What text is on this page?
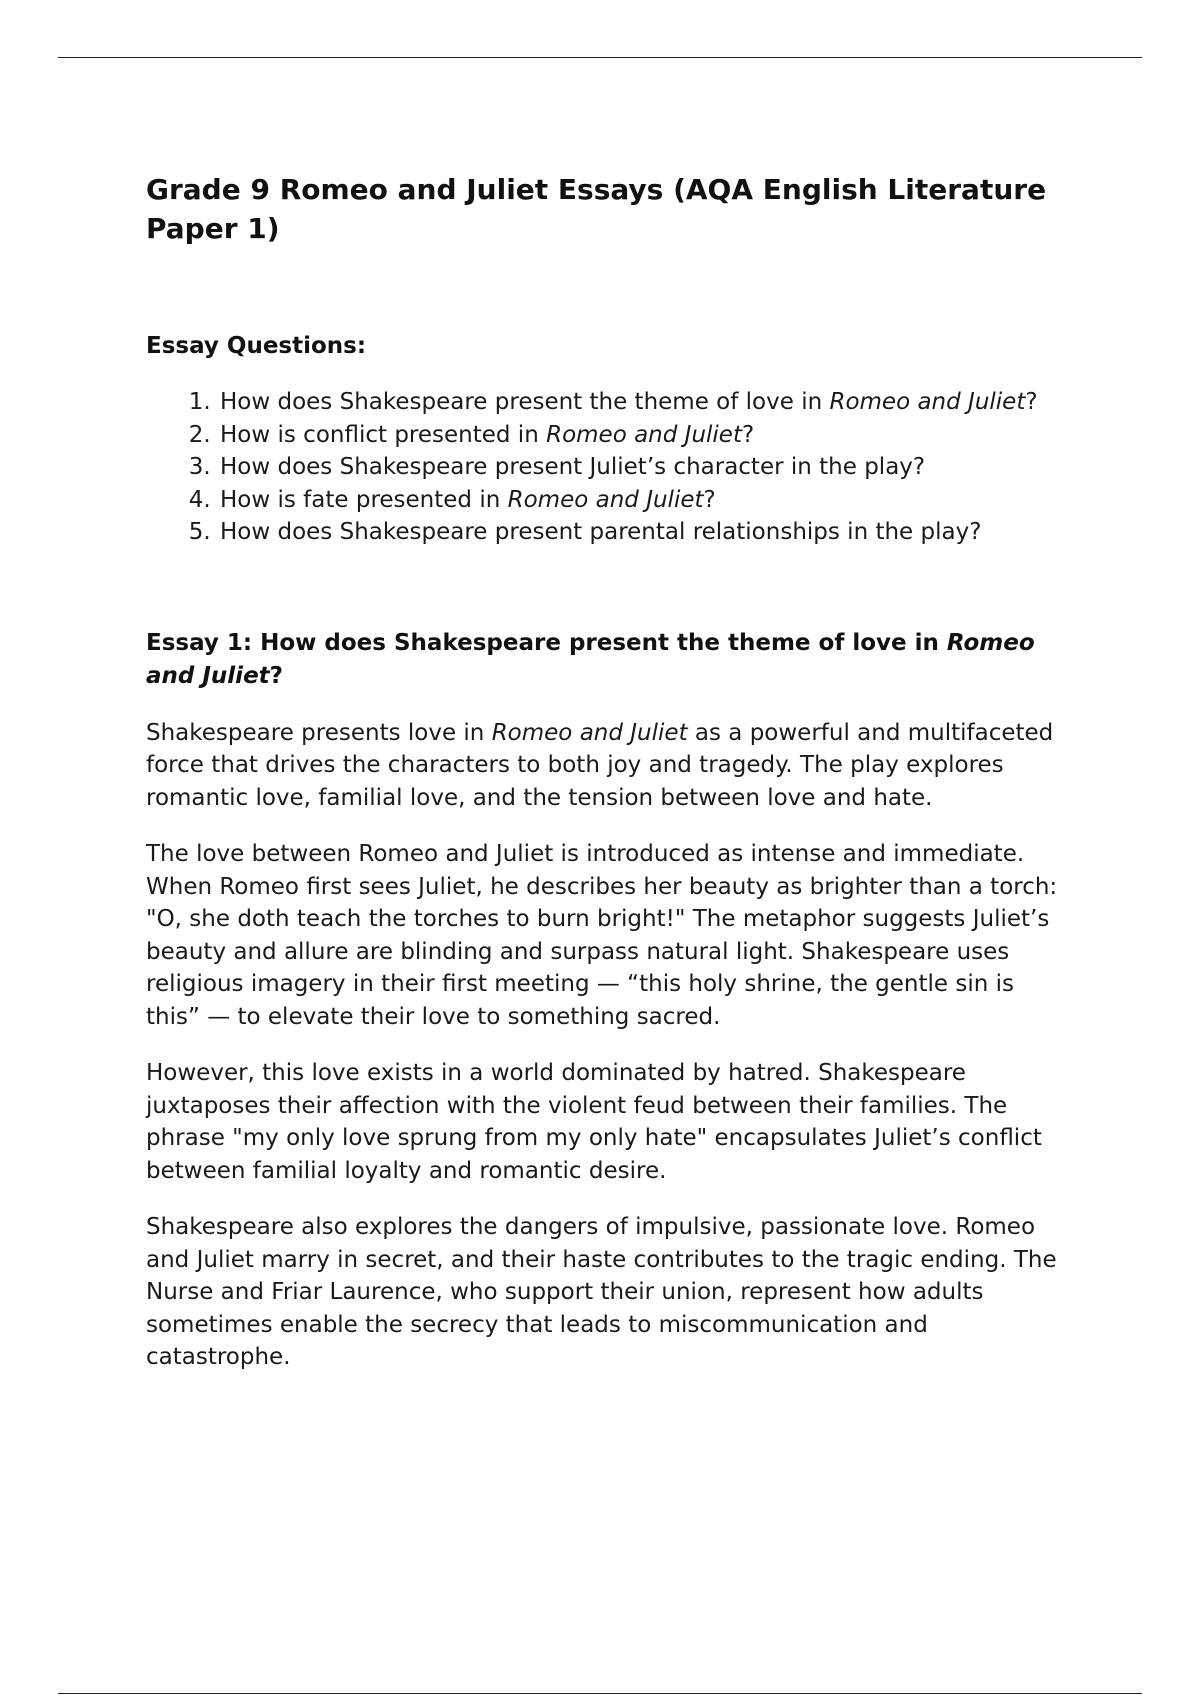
Grade 9 Romeo and Juliet Essays (AQA English Literature Paper 1)
Essay Questions:
1. How does Shakespeare present the theme of love in Romeo and Juliet?
2. How is conflict presented in Romeo and Juliet?
3. How does Shakespeare present Juliet’s character in the play?
4. How is fate presented in Romeo and Juliet?
5. How does Shakespeare present parental relationships in the play?
Essay 1: How does Shakespeare present the theme of love in Romeo and Juliet?

Shakespeare presents love in Romeo and Juliet as a powerful and multifaceted force that drives the characters to both joy and tragedy. The play explores romantic love, familial love, and the tension between love and hate.

The love between Romeo and Juliet is introduced as intense and immediate. When Romeo first sees Juliet, he describes her beauty as brighter than a torch: "O, she doth teach the torches to burn bright!" The metaphor suggests Juliet’s beauty and allure are blinding and surpass natural light. Shakespeare uses religious imagery in their first meeting — “this holy shrine, the gentle sin is this” — to elevate their love to something sacred.

However, this love exists in a world dominated by hatred. Shakespeare juxtaposes their affection with the violent feud between their families. The phrase "my only love sprung from my only hate" encapsulates Juliet’s conflict between familial loyalty and romantic desire.

Shakespeare also explores the dangers of impulsive, passionate love. Romeo and Juliet marry in secret, and their haste contributes to the tragic ending. The Nurse and Friar Laurence, who support their union, represent how adults sometimes enable the secrecy that leads to miscommunication and catastrophe.
